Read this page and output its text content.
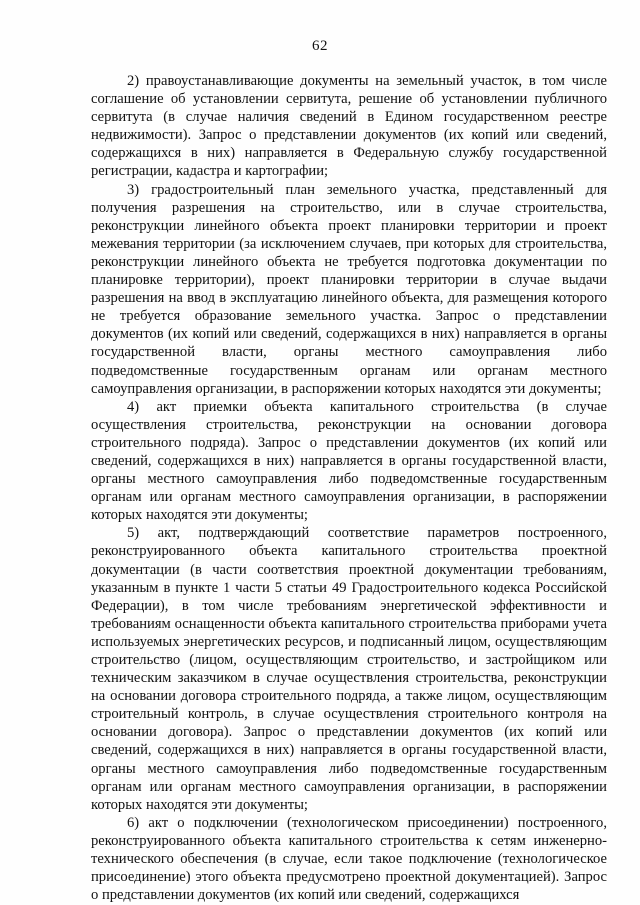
62

2) правоустанавливающие документы на земельный участок, в том числе соглашение об установлении сервитута, решение об установлении публичного сервитута (в случае наличия сведений в Едином государственном реестре недвижимости). Запрос о представлении документов (их копий или сведений, содержащихся в них) направляется в Федеральную службу государственной регистрации, кадастра и картографии;

3) градостроительный план земельного участка, представленный для получения разрешения на строительство, или в случае строительства, реконструкции линейного объекта проект планировки территории и проект межевания территории (за исключением случаев, при которых для строительства, реконструкции линейного объекта не требуется подготовка документации по планировке территории), проект планировки территории в случае выдачи разрешения на ввод в эксплуатацию линейного объекта, для размещения которого не требуется образование земельного участка. Запрос о представлении документов (их копий или сведений, содержащихся в них) направляется в органы государственной власти, органы местного самоуправления либо подведомственные государственным органам или органам местного самоуправления организации, в распоряжении которых находятся эти документы;

4) акт приемки объекта капитального строительства (в случае осуществления строительства, реконструкции на основании договора строительного подряда). Запрос о представлении документов (их копий или сведений, содержащихся в них) направляется в органы государственной власти, органы местного самоуправления либо подведомственные государственным органам или органам местного самоуправления организации, в распоряжении которых находятся эти документы;

5) акт, подтверждающий соответствие параметров построенного, реконструированного объекта капитального строительства проектной документации (в части соответствия проектной документации требованиям, указанным в пункте 1 части 5 статьи 49 Градостроительного кодекса Российской Федерации), в том числе требованиям энергетической эффективности и требованиям оснащенности объекта капитального строительства приборами учета используемых энергетических ресурсов, и подписанный лицом, осуществляющим строительство (лицом, осуществляющим строительство, и застройщиком или техническим заказчиком в случае осуществления строительства, реконструкции на основании договора строительного подряда, а также лицом, осуществляющим строительный контроль, в случае осуществления строительного контроля на основании договора). Запрос о представлении документов (их копий или сведений, содержащихся в них) направляется в органы государственной власти, органы местного самоуправления либо подведомственные государственным органам или органам местного самоуправления организации, в распоряжении которых находятся эти документы;

6) акт о подключении (технологическом присоединении) построенного, реконструированного объекта капитального строительства к сетям инженерно-технического обеспечения (в случае, если такое подключение (технологическое присоединение) этого объекта предусмотрено проектной документацией). Запрос о представлении документов (их копий или сведений, содержащихся
